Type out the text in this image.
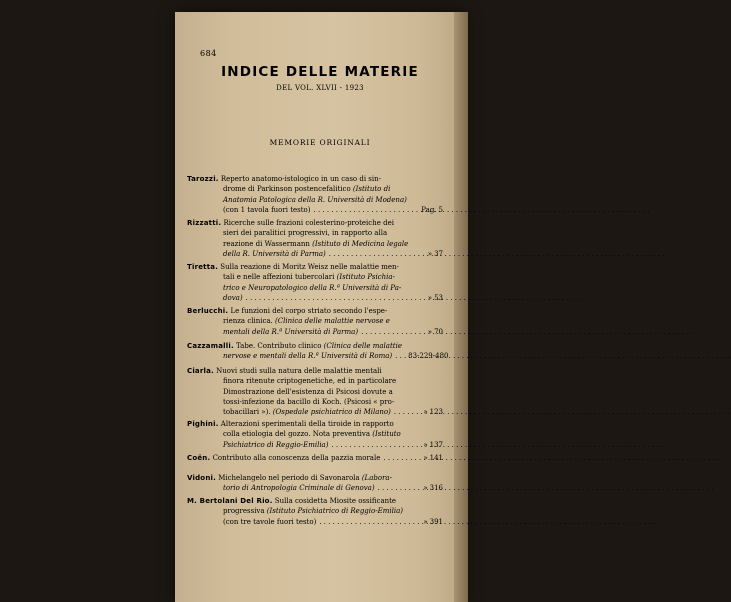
684
INDICE DELLE MATERIE
DEL VOL. XLVII - 1923
MEMORIE ORIGINALI
Tarozzi. Reperto anatomo-istologico in un caso di sin-
drome di Parkinson postencefalitico (Istituto di
Anatomia Patologica della R. Università di Modena)
(con 1 tavola fuori testo) . . .	Pag. 5
Rizzatti. Ricerche sulle frazioni colesterino-proteiche dei
sieri dei paralitici progressivi, in rapporto alla
reazione di Wassermann (Istituto di Medicina legale
della R. Università di Parma) . . .	» 37
Tiretta. Sulla reazione di Moritz Weisz nelle malattie men-
tali e nelle affezioni tubercolari (Istituto Psichia-
trico e Neuropatologico della R.ª Università di Pa-
dova) . . .	» 53
Berlucchi. Le funzioni del corpo striato secondo l'espe-
rienza clinica. (Clinica delle malattie nervose e
mentali della R.ª Università di Parma) . . .	» 70
Cazzamalli. Tabe. Contributo clinico (Clinica delle malattie
nervose e mentali della R.ª Università di Roma) . . . 83-229-480
Ciarla. Nuovi studi sulla natura delle malattie mentali
finora ritenute criptogenetiche, ed in particolare
Dimostrazione dell'esistenza di Psicosi dovute a
tossi-infezione da bacillo di Koch. (Psicosi « pro-
tobacillari »). (Ospedale psichiatrico di Milano) . . .	» 123
Pighini. Alterazioni sperimentali della tiroide in rapporto
colla etiologia del gozzo. Nota preventiva (Istituto
Psichiatrico di Reggio-Emilia) . . .	» 137
Coën. Contributo alla conoscenza della pazzia morale . . .	» 141
Vidoni. Michelangelo nel periodo di Savonarola (Labora-
torio di Antropologia Criminale di Genova) . . .	» 316
M. Bertolani Del Rio. Sulla cosidetta Miosite ossificante
progressiva (Istituto Psichiatrico di Reggio-Emilia)
(con tre tavole fuori testo) . . .	» 391
